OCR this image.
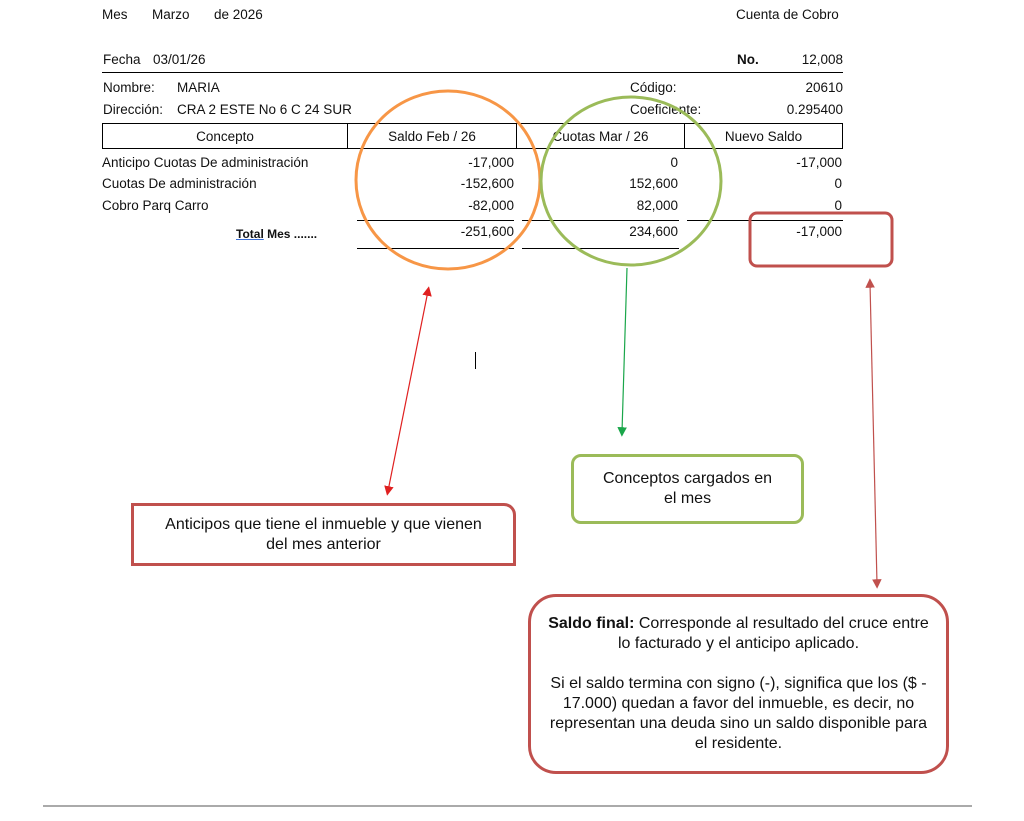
Mes Marzo de 2026	Cuenta de Cobro
Fecha 03/01/26	No.	12,008
Nombre: MARIA	Código:	20610
Dirección: CRA 2 ESTE No 6 C 24 SUR	Coeficiente:	0.295400
Concepto	Saldo Feb / 26	Cuotas Mar / 26	Nuevo Saldo
Anticipo Cuotas De administración	-17,000	0	-17,000
Cuotas De administración	-152,600	152,600	0
Cobro Parq Carro	-82,000	82,000	0
Total Mes .......	-251,600	234,600	-17,000
Anticipos que tiene el inmueble y que vienen
del mes anterior
Conceptos cargados en
el mes

Saldo final: Corresponde al resultado del cruce entre lo facturado y el anticipo aplicado.

Si el saldo termina con signo (-), significa que los ($ - 17.000) quedan a favor del inmueble, es decir, no representan una deuda sino un saldo disponible para el residente.
